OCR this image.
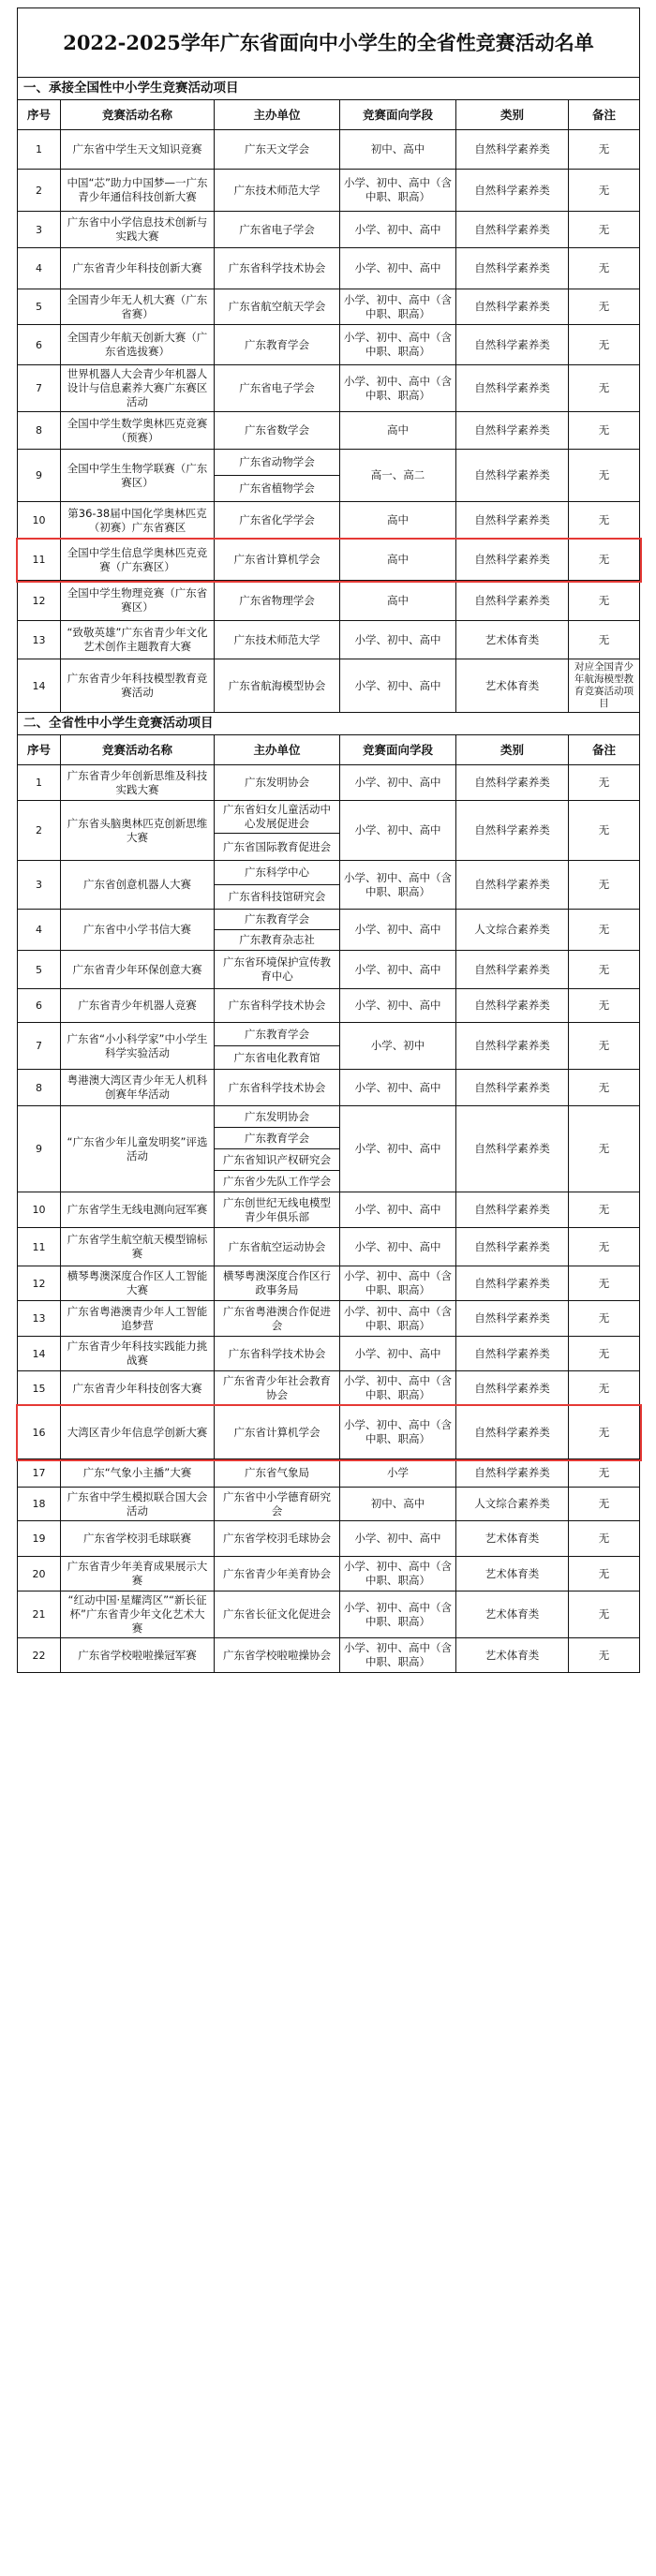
2022-2025学年广东省面向中小学生的全省性竞赛活动名单					
一、承接全国性中小学生竞赛活动项目					
序号	竞赛活动名称	主办单位	竞赛面向学段	类别	备注
1	广东省中学生天文知识竞赛	广东天文学会	初中、高中	自然科学素养类	无
2	中国“芯”助力中国梦—一广东青少年通信科技创新大赛	广东技术师范大学	小学、初中、高中（含中职、职高）	自然科学素养类	无
3	广东省中小学信息技术创新与实践大赛	广东省电子学会	小学、初中、高中	自然科学素养类	无
4	广东省青少年科技创新大赛	广东省科学技术协会	小学、初中、高中	自然科学素养类	无
5	全国青少年无人机大赛（广东省赛）	广东省航空航天学会	小学、初中、高中（含中职、职高）	自然科学素养类	无
6	全国青少年航天创新大赛（广东省选拔赛）	广东教育学会	小学、初中、高中（含中职、职高）	自然科学素养类	无
7	世界机器人大会青少年机器人设计与信息素养大赛广东赛区活动	广东省电子学会	小学、初中、高中（含中职、职高）	自然科学素养类	无
8	全国中学生数学奥林匹克竞赛（预赛）	广东省数学会	高中	自然科学素养类	无
9	全国中学生生物学联赛（广东赛区）	广东省动物学会	高一、高二	自然科学素养类	无
		广东省植物学会			
10	第36-38届中国化学奥林匹克（初赛）广东省赛区	广东省化学学会	高中	自然科学素养类	无
11	全国中学生信息学奥林匹克竞赛（广东赛区）	广东省计算机学会	高中	自然科学素养类	无
12	全国中学生物理竞赛（广东省赛区）	广东省物理学会	高中	自然科学素养类	无
13	“致敬英雄”广东省青少年文化艺术创作主题教育大赛	广东技术师范大学	小学、初中、高中	艺术体育类	无
14	广东省青少年科技模型教育竞赛活动	广东省航海模型协会	小学、初中、高中	艺术体育类	对应全国青少年航海模型教育竞赛活动项目
二、全省性中小学生竞赛活动项目					
序号	竞赛活动名称	主办单位	竞赛面向学段	类别	备注
1	广东省青少年创新思维及科技实践大赛	广东发明协会	小学、初中、高中	自然科学素养类	无
2	广东省头脑奥林匹克创新思维大赛	广东省妇女儿童活动中心发展促进会	小学、初中、高中	自然科学素养类	无
		广东省国际教育促进会			
3	广东省创意机器人大赛	广东科学中心	小学、初中、高中（含中职、职高）	自然科学素养类	无
		广东省科技馆研究会			
4	广东省中小学书信大赛	广东教育学会	小学、初中、高中	人文综合素养类	无
		广东教育杂志社			
5	广东省青少年环保创意大赛	广东省环境保护宣传教育中心	小学、初中、高中	自然科学素养类	无
6	广东省青少年机器人竞赛	广东省科学技术协会	小学、初中、高中	自然科学素养类	无
7	广东省“小小科学家”中小学生科学实验活动	广东教育学会	小学、初中	自然科学素养类	无
		广东省电化教育馆			
8	粤港澳大湾区青少年无人机科创赛年华活动	广东省科学技术协会	小学、初中、高中	自然科学素养类	无
9	“广东省少年儿童发明奖”评选活动	广东发明协会	小学、初中、高中	自然科学素养类	无
		广东教育学会			
		广东省知识产权研究会			
		广东省少先队工作学会			
10	广东省学生无线电测向冠军赛	广东创世纪无线电模型青少年俱乐部	小学、初中、高中	自然科学素养类	无
11	广东省学生航空航天模型锦标赛	广东省航空运动协会	小学、初中、高中	自然科学素养类	无
12	横琴粤澳深度合作区人工智能大赛	横琴粤澳深度合作区行政事务局	小学、初中、高中（含中职、职高）	自然科学素养类	无
13	广东省粤港澳青少年人工智能追梦营	广东省粤港澳合作促进会	小学、初中、高中（含中职、职高）	自然科学素养类	无
14	广东省青少年科技实践能力挑战赛	广东省科学技术协会	小学、初中、高中	自然科学素养类	无
15	广东省青少年科技创客大赛	广东省青少年社会教育协会	小学、初中、高中（含中职、职高）	自然科学素养类	无
16	大湾区青少年信息学创新大赛	广东省计算机学会	小学、初中、高中（含中职、职高）	自然科学素养类	无
17	广东“气象小主播”大赛	广东省气象局	小学	自然科学素养类	无
18	广东省中学生模拟联合国大会活动	广东省中小学德育研究会	初中、高中	人文综合素养类	无
19	广东省学校羽毛球联赛	广东省学校羽毛球协会	小学、初中、高中	艺术体育类	无
20	广东省青少年美育成果展示大赛	广东省青少年美育协会	小学、初中、高中（含中职、职高）	艺术体育类	无
21	“红动中国·星耀湾区”“新长征杯”广东省青少年文化艺术大赛	广东省长征文化促进会	小学、初中、高中（含中职、职高）	艺术体育类	无
22	广东省学校啦啦操冠军赛	广东省学校啦啦操协会	小学、初中、高中（含中职、职高）	艺术体育类	无
